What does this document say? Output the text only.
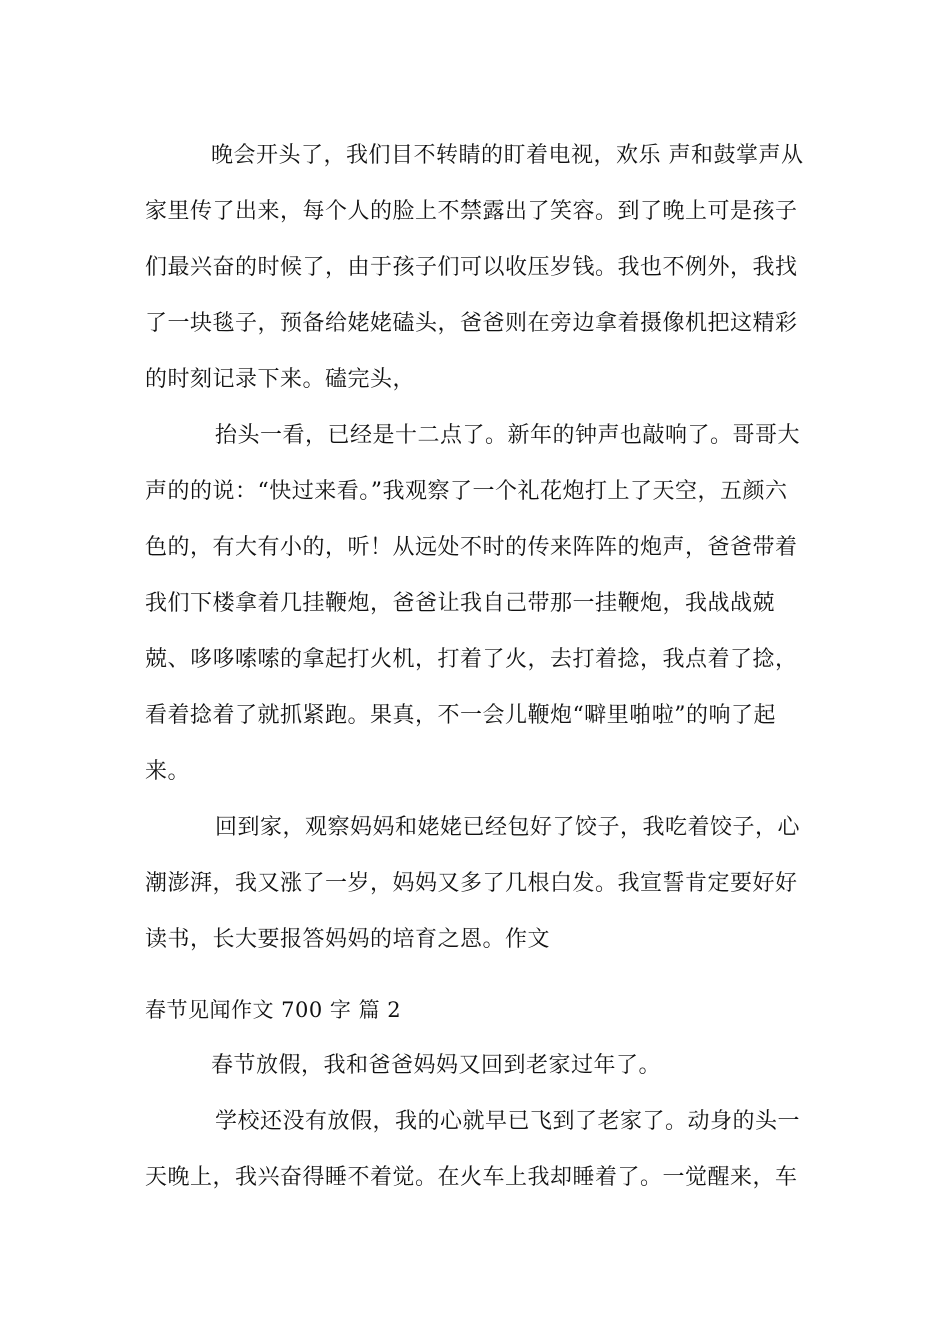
晚会开头了，我们目不转睛的盯着电视，欢乐 声和鼓掌声从家里传了出来，每个人的脸上不禁露出了笑容。到了晚上可是孩子们最兴奋的时候了，由于孩子们可以收压岁钱。我也不例外，我找了一块毯子，预备给姥姥磕头，爸爸则在旁边拿着摄像机把这精彩的时刻记录下来。磕完头，

抬头一看，已经是十二点了。新年的钟声也敲响了。哥哥大声的的说：“快过来看。”我观察了一个礼花炮打上了天空，五颜六色的，有大有小的，听！从远处不时的传来阵阵的炮声，爸爸带着我们下楼拿着几挂鞭炮，爸爸让我自己带那一挂鞭炮，我战战兢兢、哆哆嗦嗦的拿起打火机，打着了火，去打着捻，我点着了捻，看着捻着了就抓紧跑。果真，不一会儿鞭炮“噼里啪啦”的响了起来。

回到家，观察妈妈和姥姥已经包好了饺子，我吃着饺子，心潮澎湃，我又涨了一岁，妈妈又多了几根白发。我宣誓肯定要好好读书，长大要报答妈妈的培育之恩。作文

春节见闻作文 700 字 篇 2

春节放假，我和爸爸妈妈又回到老家过年了。

学校还没有放假，我的心就早已飞到了老家了。动身的头一天晚上，我兴奋得睡不着觉。在火车上我却睡着了。一觉醒来，车
